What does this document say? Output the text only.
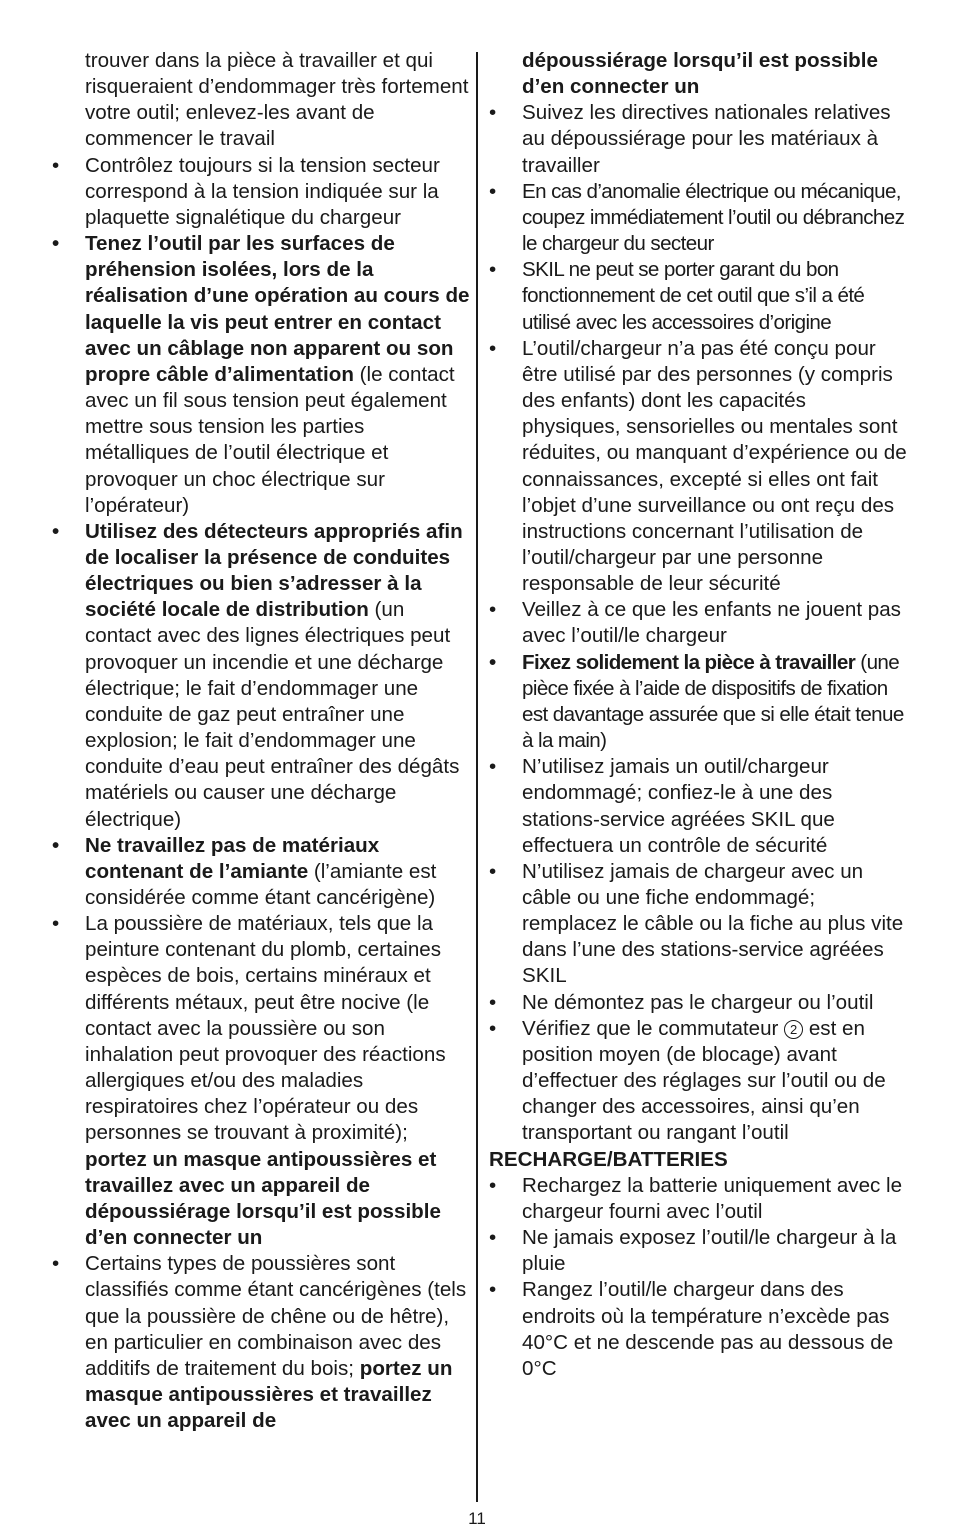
trouver dans la pièce à travailler et qui risqueraient d’endommager très fortement votre outil; enlevez-les avant de commencer le travail
• Contrôlez toujours si la tension secteur correspond à la tension indiquée sur la plaquette signalétique du chargeur
• Tenez l’outil par les surfaces de préhension isolées, lors de la réalisation d’une opération au cours de laquelle la vis peut entrer en contact avec un câblage non apparent ou son propre câble d’alimentation (le contact avec un fil sous tension peut également mettre sous tension les parties métalliques de l’outil électrique et provoquer un choc électrique sur l’opérateur)
• Utilisez des détecteurs appropriés afin de localiser la présence de conduites électriques ou bien s’adresser à la société locale de distribution (un contact avec des lignes électriques peut provoquer un incendie et une décharge électrique; le fait d’endommager une conduite de gaz peut entraîner une explosion; le fait d’endommager une conduite d’eau peut entraîner des dégâts matériels ou causer une décharge électrique)
• Ne travaillez pas de matériaux contenant de l’amiante (l’amiante est considérée comme étant cancérigène)
• La poussière de matériaux, tels que la peinture contenant du plomb, certaines espèces de bois, certains minéraux et différents métaux, peut être nocive (le contact avec la poussière ou son inhalation peut provoquer des réactions allergiques et/ou des maladies respiratoires chez l’opérateur ou des personnes se trouvant à proximité); portez un masque antipoussières et travaillez avec un appareil de dépoussiérage lorsqu’il est possible d’en connecter un
• Certains types de poussières sont classifiés comme étant cancérigènes (tels que la poussière de chêne ou de hêtre), en particulier en combinaison avec des additifs de traitement du bois; portez un masque antipoussières et travaillez avec un appareil de
dépoussiérage lorsqu’il est possible d’en connecter un
• Suivez les directives nationales relatives au dépoussiérage pour les matériaux à travailler
• En cas d’anomalie électrique ou mécanique, coupez immédiatement l’outil ou débranchez le chargeur du secteur
• SKIL ne peut se porter garant du bon fonctionnement de cet outil que s’il a été utilisé avec les accessoires d’origine
• L’outil/chargeur n’a pas été conçu pour être utilisé par des personnes (y compris des enfants) dont les capacités physiques, sensorielles ou mentales sont réduites, ou manquant d’expérience ou de connaissances, excepté si elles ont fait l’objet d’une surveillance ou ont reçu des instructions concernant l’utilisation de l’outil/chargeur par une personne responsable de leur sécurité
• Veillez à ce que les enfants ne jouent pas avec l’outil/le chargeur
• Fixez solidement la pièce à travailler (une pièce fixée à l’aide de dispositifs de fixation est davantage assurée que si elle était tenue à la main)
• N’utilisez jamais un outil/chargeur endommagé; confiez-le à une des stations-service agréées SKIL que effectuera un contrôle de sécurité
• N’utilisez jamais de chargeur avec un câble ou une fiche endommagé; remplacez le câble ou la fiche au plus vite dans l’une des stations-service agréées SKIL
• Ne démontez pas le chargeur ou l’outil
• Vérifiez que le commutateur 2 est en position moyen (de blocage) avant d’effectuer des réglages sur l’outil ou de changer des accessoires, ainsi qu’en transportant ou rangant l’outil
RECHARGE/BATTERIES
• Rechargez la batterie uniquement avec le chargeur fourni avec l’outil
• Ne jamais exposez l’outil/le chargeur à la pluie
• Rangez l’outil/le chargeur dans des endroits où la température n’excède pas 40°C et ne descende pas au dessous de 0°C
11
